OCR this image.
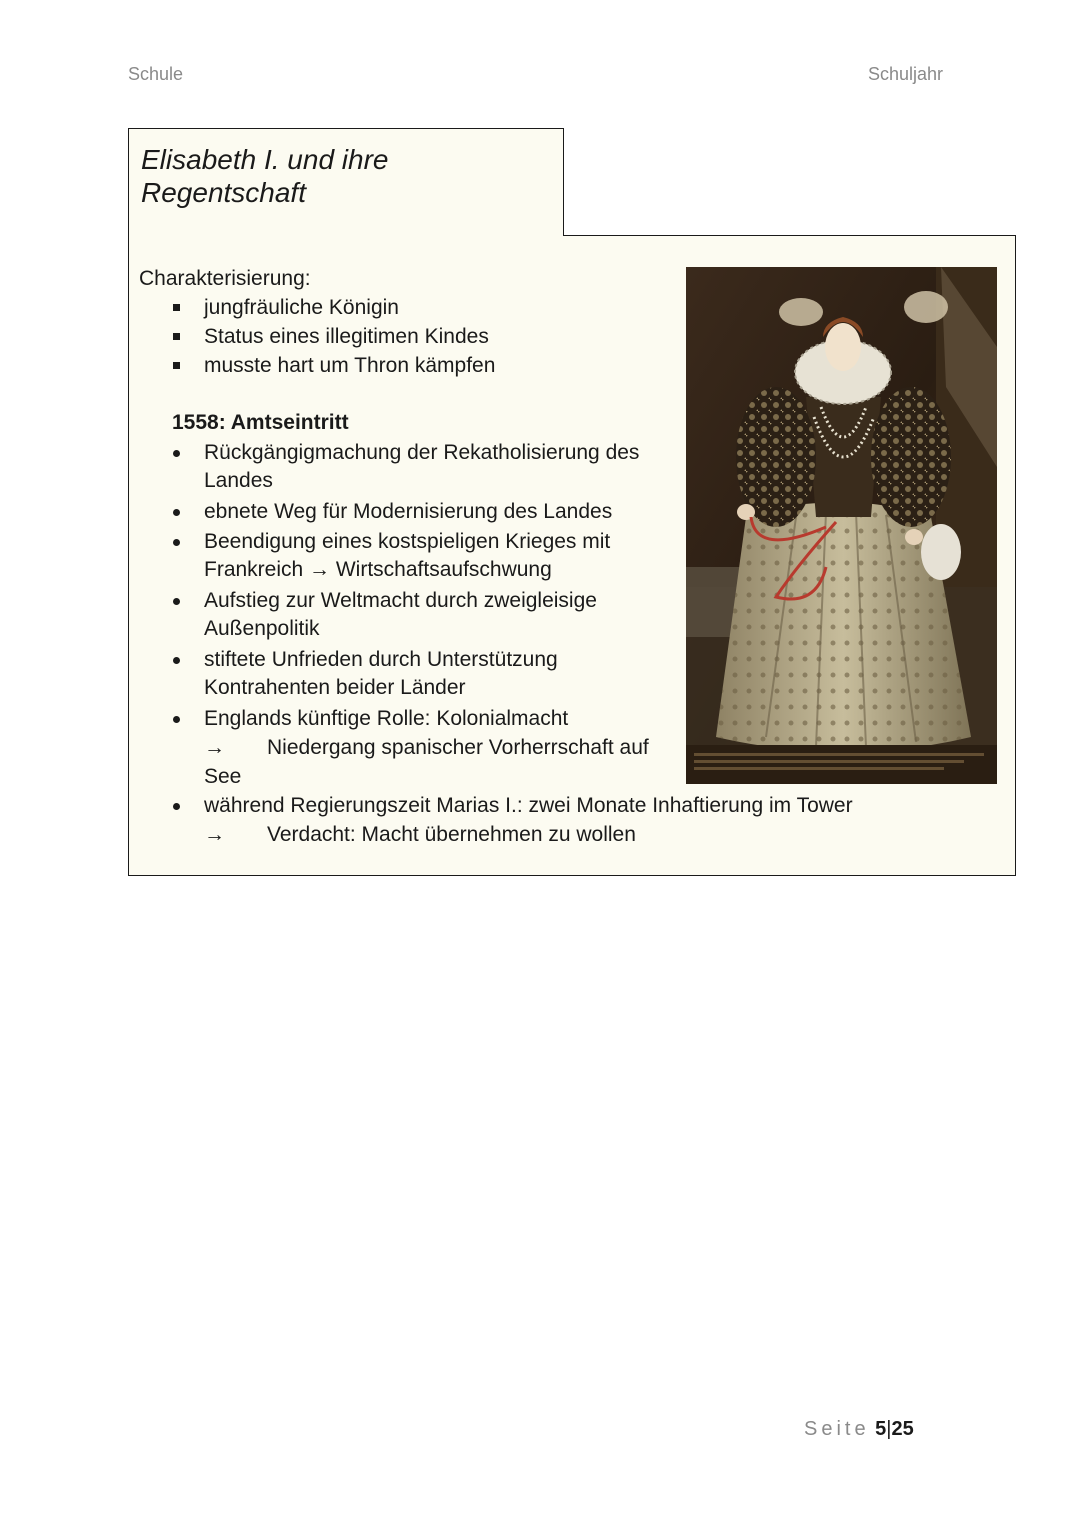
Schule	Schuljahr
Elisabeth I. und ihre
Regentschaft
Charakterisierung:
jungfräuliche Königin
Status eines illegitimen Kindes
musste hart um Thron kämpfen
1558: Amtseintritt
Rückgängigmachung der Rekatholisierung des
Landes
ebnete Weg für Modernisierung des Landes
Beendigung eines kostspieligen Krieges mit
Frankreich → Wirtschaftsaufschwung
Aufstieg zur Weltmacht durch zweigleisige
Außenpolitik
stiftete Unfrieden durch Unterstützung
Kontrahenten beider Länder
Englands künftige Rolle: Kolonialmacht
→ Niedergang spanischer Vorherrschaft auf
See
während Regierungszeit Marias I.: zwei Monate Inhaftierung im Tower
→ Verdacht: Macht übernehmen zu wollen
Seite 5|25
